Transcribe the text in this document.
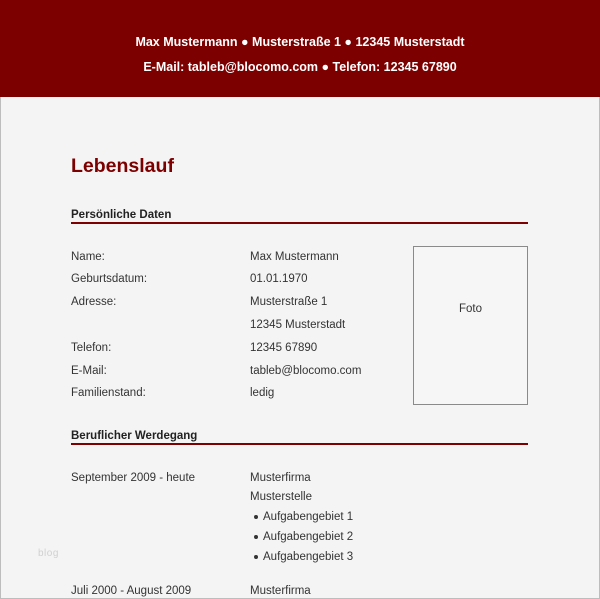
Max Mustermann ● Musterstraße 1 ● 12345 Musterstadt
E-Mail: tableb@blocomo.com ● Telefon: 12345 67890
Lebenslauf
Persönliche Daten
Name:	Max Mustermann
Geburtsdatum:	01.01.1970
Adresse:	Musterstraße 1
12345 Musterstadt
Telefon:	12345 67890
E-Mail:	tableb@blocomo.com
Familienstand:	ledig
Foto
Beruflicher Werdegang
September 2009 - heute	Musterfirma
Musterstelle
Aufgabengebiet 1
Aufgabengebiet 2
Aufgabengebiet 3
Juli 2000 - August 2009	Musterfirma
blog
